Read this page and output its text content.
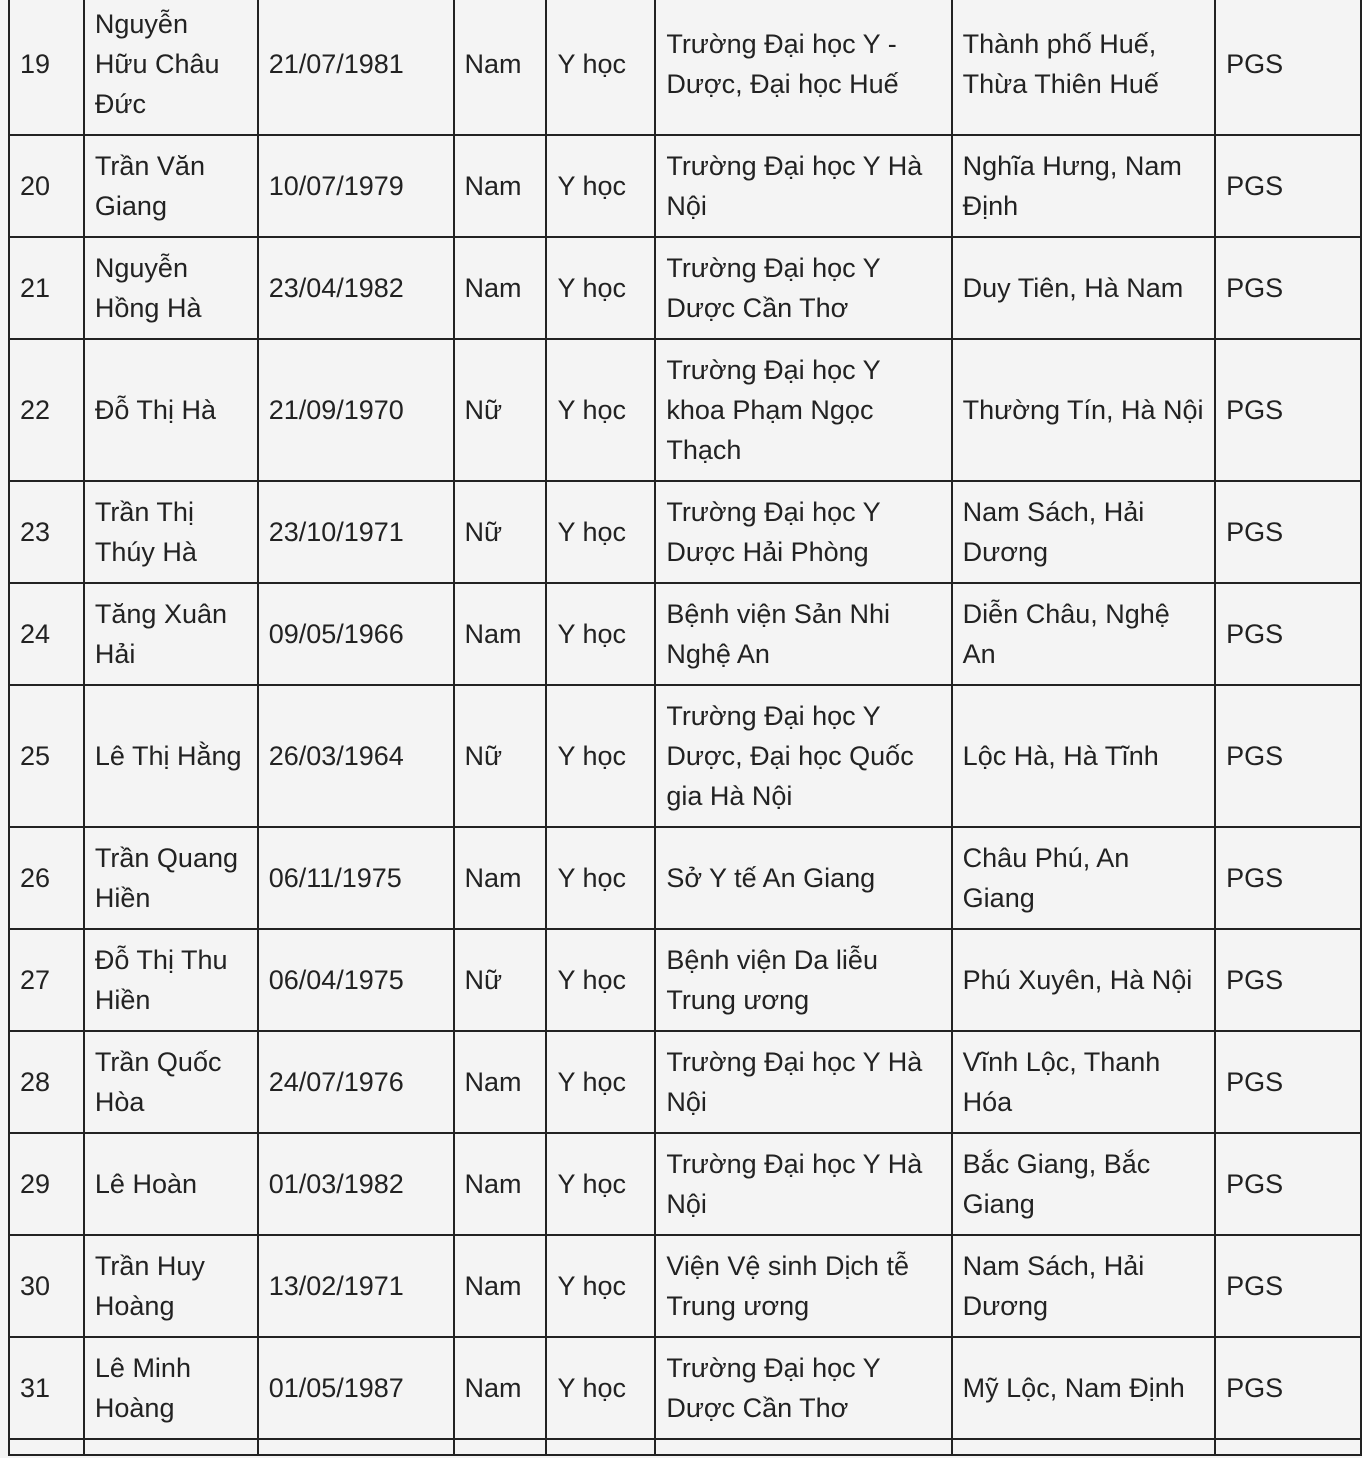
19	Nguyễn Hữu Châu Đức	21/07/1981	Nam	Y học	Trường Đại học Y - Dược, Đại học Huế	Thành phố Huế, Thừa Thiên Huế	PGS
20	Trần Văn Giang	10/07/1979	Nam	Y học	Trường Đại học Y Hà Nội	Nghĩa Hưng, Nam Định	PGS
21	Nguyễn Hồng Hà	23/04/1982	Nam	Y học	Trường Đại học Y Dược Cần Thơ	Duy Tiên, Hà Nam	PGS
22	Đỗ Thị Hà	21/09/1970	Nữ	Y học	Trường Đại học Y khoa Phạm Ngọc Thạch	Thường Tín, Hà Nội	PGS
23	Trần Thị Thúy Hà	23/10/1971	Nữ	Y học	Trường Đại học Y Dược Hải Phòng	Nam Sách, Hải Dương	PGS
24	Tăng Xuân Hải	09/05/1966	Nam	Y học	Bệnh viện Sản Nhi Nghệ An	Diễn Châu, Nghệ An	PGS
25	Lê Thị Hằng	26/03/1964	Nữ	Y học	Trường Đại học Y Dược, Đại học Quốc gia Hà Nội	Lộc Hà, Hà Tĩnh	PGS
26	Trần Quang Hiền	06/11/1975	Nam	Y học	Sở Y tế An Giang	Châu Phú, An Giang	PGS
27	Đỗ Thị Thu Hiền	06/04/1975	Nữ	Y học	Bệnh viện Da liễu Trung ương	Phú Xuyên, Hà Nội	PGS
28	Trần Quốc Hòa	24/07/1976	Nam	Y học	Trường Đại học Y Hà Nội	Vĩnh Lộc, Thanh Hóa	PGS
29	Lê Hoàn	01/03/1982	Nam	Y học	Trường Đại học Y Hà Nội	Bắc Giang, Bắc Giang	PGS
30	Trần Huy Hoàng	13/02/1971	Nam	Y học	Viện Vệ sinh Dịch tễ Trung ương	Nam Sách, Hải Dương	PGS
31	Lê Minh Hoàng	01/05/1987	Nam	Y học	Trường Đại học Y Dược Cần Thơ	Mỹ Lộc, Nam Định	PGS
